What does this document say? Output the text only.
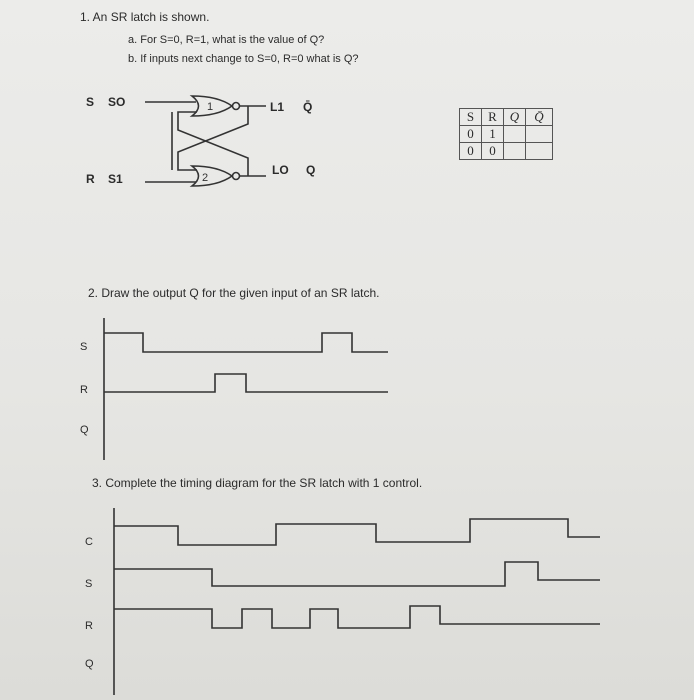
1. An SR latch is shown.
a. For S=0, R=1, what is the value of Q?
b. If inputs next change to S=0, R=0 what is Q?
S SO
R S1
L1 Q̄
LO Q
S	R	Q	Q̄
0	1		
0	0		
2. Draw the output Q for the given input of an SR latch.
S
R
Q
3. Complete the timing diagram for the SR latch with 1 control.
C
S
R
Q
1
2
